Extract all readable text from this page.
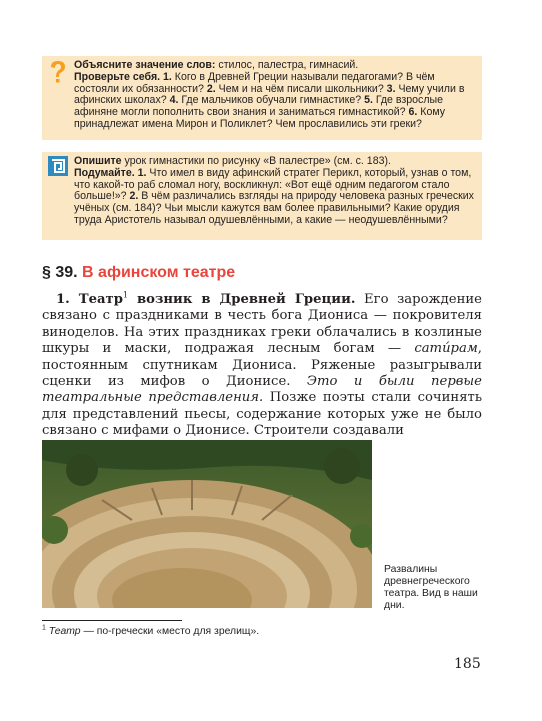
Объясните значение слов: стилос, палестра, гимнасий.
Проверьте себя. 1. Кого в Древней Греции называли педагогами? В чём состояли их обязанности? 2. Чем и на чём писали школьники? 3. Чему учили в афинских школах? 4. Где мальчиков обучали гимнастике? 5. Где взрослые афиняне могли пополнить свои знания и заниматься гимнастикой? 6. Кому принадлежат имена Мирон и Поликлет? Чем прославились эти греки?

Опишите урок гимнастики по рисунку «В палестре» (см. с. 183).
Подумайте. 1. Что имел в виду афинский стратег Перикл, который, узнав о том, что какой-то раб сломал ногу, воскликнул: «Вот ещё одним педагогом стало больше!»? 2. В чём различались взгляды на природу человека разных греческих учёных (см. 184)? Чьи мысли кажутся вам более правильными? Какие орудия труда Аристотель называл одушевлёнными, а какие — неодушевлёнными?

§ 39. В афинском театре

1. Театр$^1$ возник в Древней Греции. Его зарождение связано с праздниками в честь бога Диониса — покровителя виноделов. На этих праздниках греки облачались в козлиные шкуры и маски, подражая лесным богам — сати́рам, постоянным спутникам Диониса. Ряженые разыгрывали сценки из мифов о Дионисе. Это и были первые театральные представления. Позже поэты стали сочинять для представлений пьесы, содержание которых уже не было связано с мифами о Дионисе. Строители создавали

Развалины древнегреческого театра. Вид в наши дни.
$^1$ Театр — по-гречески «место для зрелищ».
185
